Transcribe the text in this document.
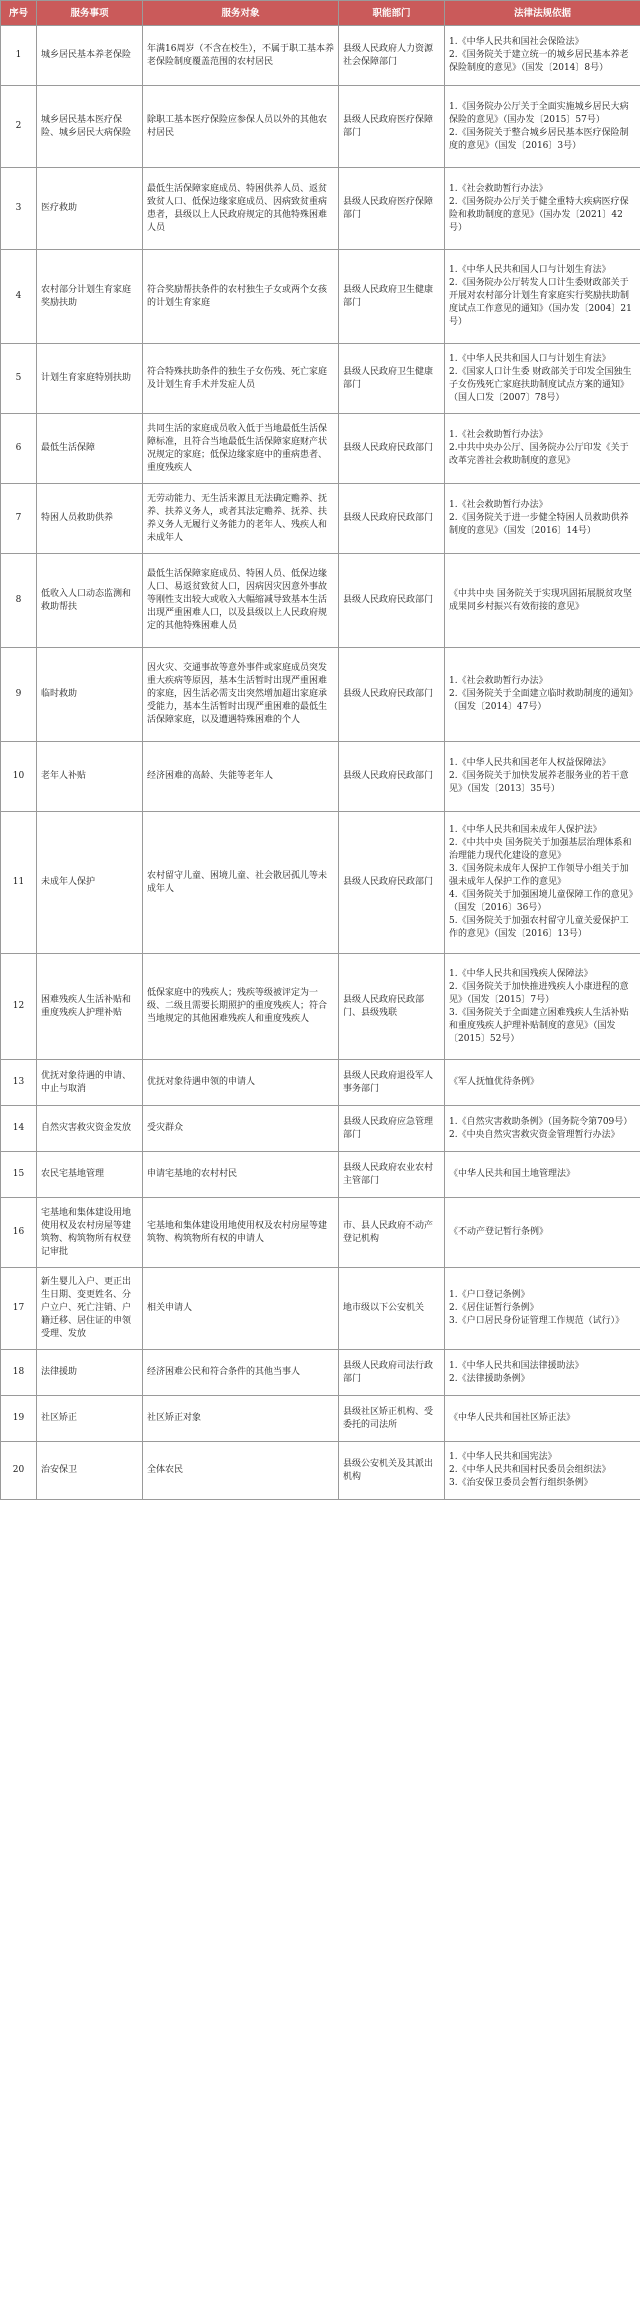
序号	服务事项	服务对象	职能部门	法律法规依据
1	城乡居民基本养老保险	年满16周岁（不含在校生），不属于职工基本养老保险制度覆盖范围的农村居民	县级人民政府人力资源社会保障部门	1.《中华人民共和国社会保险法》
2.《国务院关于建立统一的城乡居民基本养老保险制度的意见》（国发〔2014〕8号）

2	城乡居民基本医疗保险、城乡居民大病保险	除职工基本医疗保险应参保人员以外的其他农村居民	县级人民政府医疗保障部门	1.《国务院办公厅关于全面实施城乡居民大病保险的意见》（国办发〔2015〕57号）
2.《国务院关于整合城乡居民基本医疗保险制度的意见》（国发〔2016〕3号）

3	医疗救助	最低生活保障家庭成员、特困供养人员、返贫致贫人口、低保边缘家庭成员、因病致贫重病患者，县级以上人民政府规定的其他特殊困难人员	县级人民政府医疗保障部门	1.《社会救助暂行办法》
2.《国务院办公厅关于健全重特大疾病医疗保险和救助制度的意见》（国办发〔2021〕42号）

4	农村部分计划生育家庭奖励扶助	符合奖励帮扶条件的农村独生子女或两个女孩的计划生育家庭	县级人民政府卫生健康部门	1.《中华人民共和国人口与计划生育法》
2.《国务院办公厅转发人口计生委财政部关于开展对农村部分计划生育家庭实行奖励扶助制度试点工作意见的通知》（国办发〔2004〕21号）

5	计划生育家庭特别扶助	符合特殊扶助条件的独生子女伤残、死亡家庭及计划生育手术并发症人员	县级人民政府卫生健康部门	1.《中华人民共和国人口与计划生育法》
2.《国家人口计生委 财政部关于印发全国独生子女伤残死亡家庭扶助制度试点方案的通知》（国人口发〔2007〕78号）

6	最低生活保障	共同生活的家庭成员收入低于当地最低生活保障标准，且符合当地最低生活保障家庭财产状况规定的家庭；低保边缘家庭中的重病患者、重度残疾人	县级人民政府民政部门	1.《社会救助暂行办法》
2.中共中央办公厅、国务院办公厅印发《关于改革完善社会救助制度的意见》

7	特困人员救助供养	无劳动能力、无生活来源且无法确定赡养、抚养、扶养义务人，或者其法定赡养、抚养、扶养义务人无履行义务能力的老年人、残疾人和未成年人	县级人民政府民政部门	1.《社会救助暂行办法》
2.《国务院关于进一步健全特困人员救助供养制度的意见》（国发〔2016〕14号）

8	低收入人口动态监测和救助帮扶	最低生活保障家庭成员、特困人员、低保边缘人口、易返贫致贫人口，因病因灾因意外事故等刚性支出较大或收入大幅缩减导致基本生活出现严重困难人口，以及县级以上人民政府规定的其他特殊困难人员	县级人民政府民政部门	《中共中央 国务院关于实现巩固拓展脱贫攻坚成果同乡村振兴有效衔接的意见》

9	临时救助	因火灾、交通事故等意外事件或家庭成员突发重大疾病等原因，基本生活暂时出现严重困难的家庭，因生活必需支出突然增加超出家庭承受能力，基本生活暂时出现严重困难的最低生活保障家庭，以及遭遇特殊困难的个人	县级人民政府民政部门	1.《社会救助暂行办法》
2.《国务院关于全面建立临时救助制度的通知》（国发〔2014〕47号）

10	老年人补贴	经济困难的高龄、失能等老年人	县级人民政府民政部门	1.《中华人民共和国老年人权益保障法》
2.《国务院关于加快发展养老服务业的若干意见》（国发〔2013〕35号）

11	未成年人保护	农村留守儿童、困境儿童、社会散居孤儿等未成年人	县级人民政府民政部门	1.《中华人民共和国未成年人保护法》
2.《中共中央 国务院关于加强基层治理体系和治理能力现代化建设的意见》
3.《国务院未成年人保护工作领导小组关于加强未成年人保护工作的意见》
4.《国务院关于加强困境儿童保障工作的意见》（国发〔2016〕36号）
5.《国务院关于加强农村留守儿童关爱保护工作的意见》（国发〔2016〕13号）

12	困难残疾人生活补贴和重度残疾人护理补贴	低保家庭中的残疾人；残疾等级被评定为一级、二级且需要长期照护的重度残疾人；符合当地规定的其他困难残疾人和重度残疾人	县级人民政府民政部门、县级残联	1.《中华人民共和国残疾人保障法》
2.《国务院关于加快推进残疾人小康进程的意见》（国发〔2015〕7号）
3.《国务院关于全面建立困难残疾人生活补贴和重度残疾人护理补贴制度的意见》（国发〔2015〕52号）

13	优抚对象待遇的申请、中止与取消	优抚对象待遇申领的申请人	县级人民政府退役军人事务部门	《军人抚恤优待条例》

14	自然灾害救灾资金发放	受灾群众	县级人民政府应急管理部门	1.《自然灾害救助条例》（国务院令第709号）
2.《中央自然灾害救灾资金管理暂行办法》

15	农民宅基地管理	申请宅基地的农村村民	县级人民政府农业农村主管部门	《中华人民共和国土地管理法》

16	宅基地和集体建设用地使用权及农村房屋等建筑物、构筑物所有权登记审批	宅基地和集体建设用地使用权及农村房屋等建筑物、构筑物所有权的申请人	市、县人民政府不动产登记机构	《不动产登记暂行条例》

17	新生婴儿入户、更正出生日期、变更姓名、分户立户、死亡注销、户籍迁移、居住证的申领受理、发放	相关申请人	地市级以下公安机关	1.《户口登记条例》
2.《居住证暂行条例》
3.《户口居民身份证管理工作规范（试行）》

18	法律援助	经济困难公民和符合条件的其他当事人	县级人民政府司法行政部门	1.《中华人民共和国法律援助法》
2.《法律援助条例》

19	社区矫正	社区矫正对象	县级社区矫正机构、受委托的司法所	《中华人民共和国社区矫正法》

20	治安保卫	全体农民	县级公安机关及其派出机构	1.《中华人民共和国宪法》
2.《中华人民共和国村民委员会组织法》
3.《治安保卫委员会暂行组织条例》
